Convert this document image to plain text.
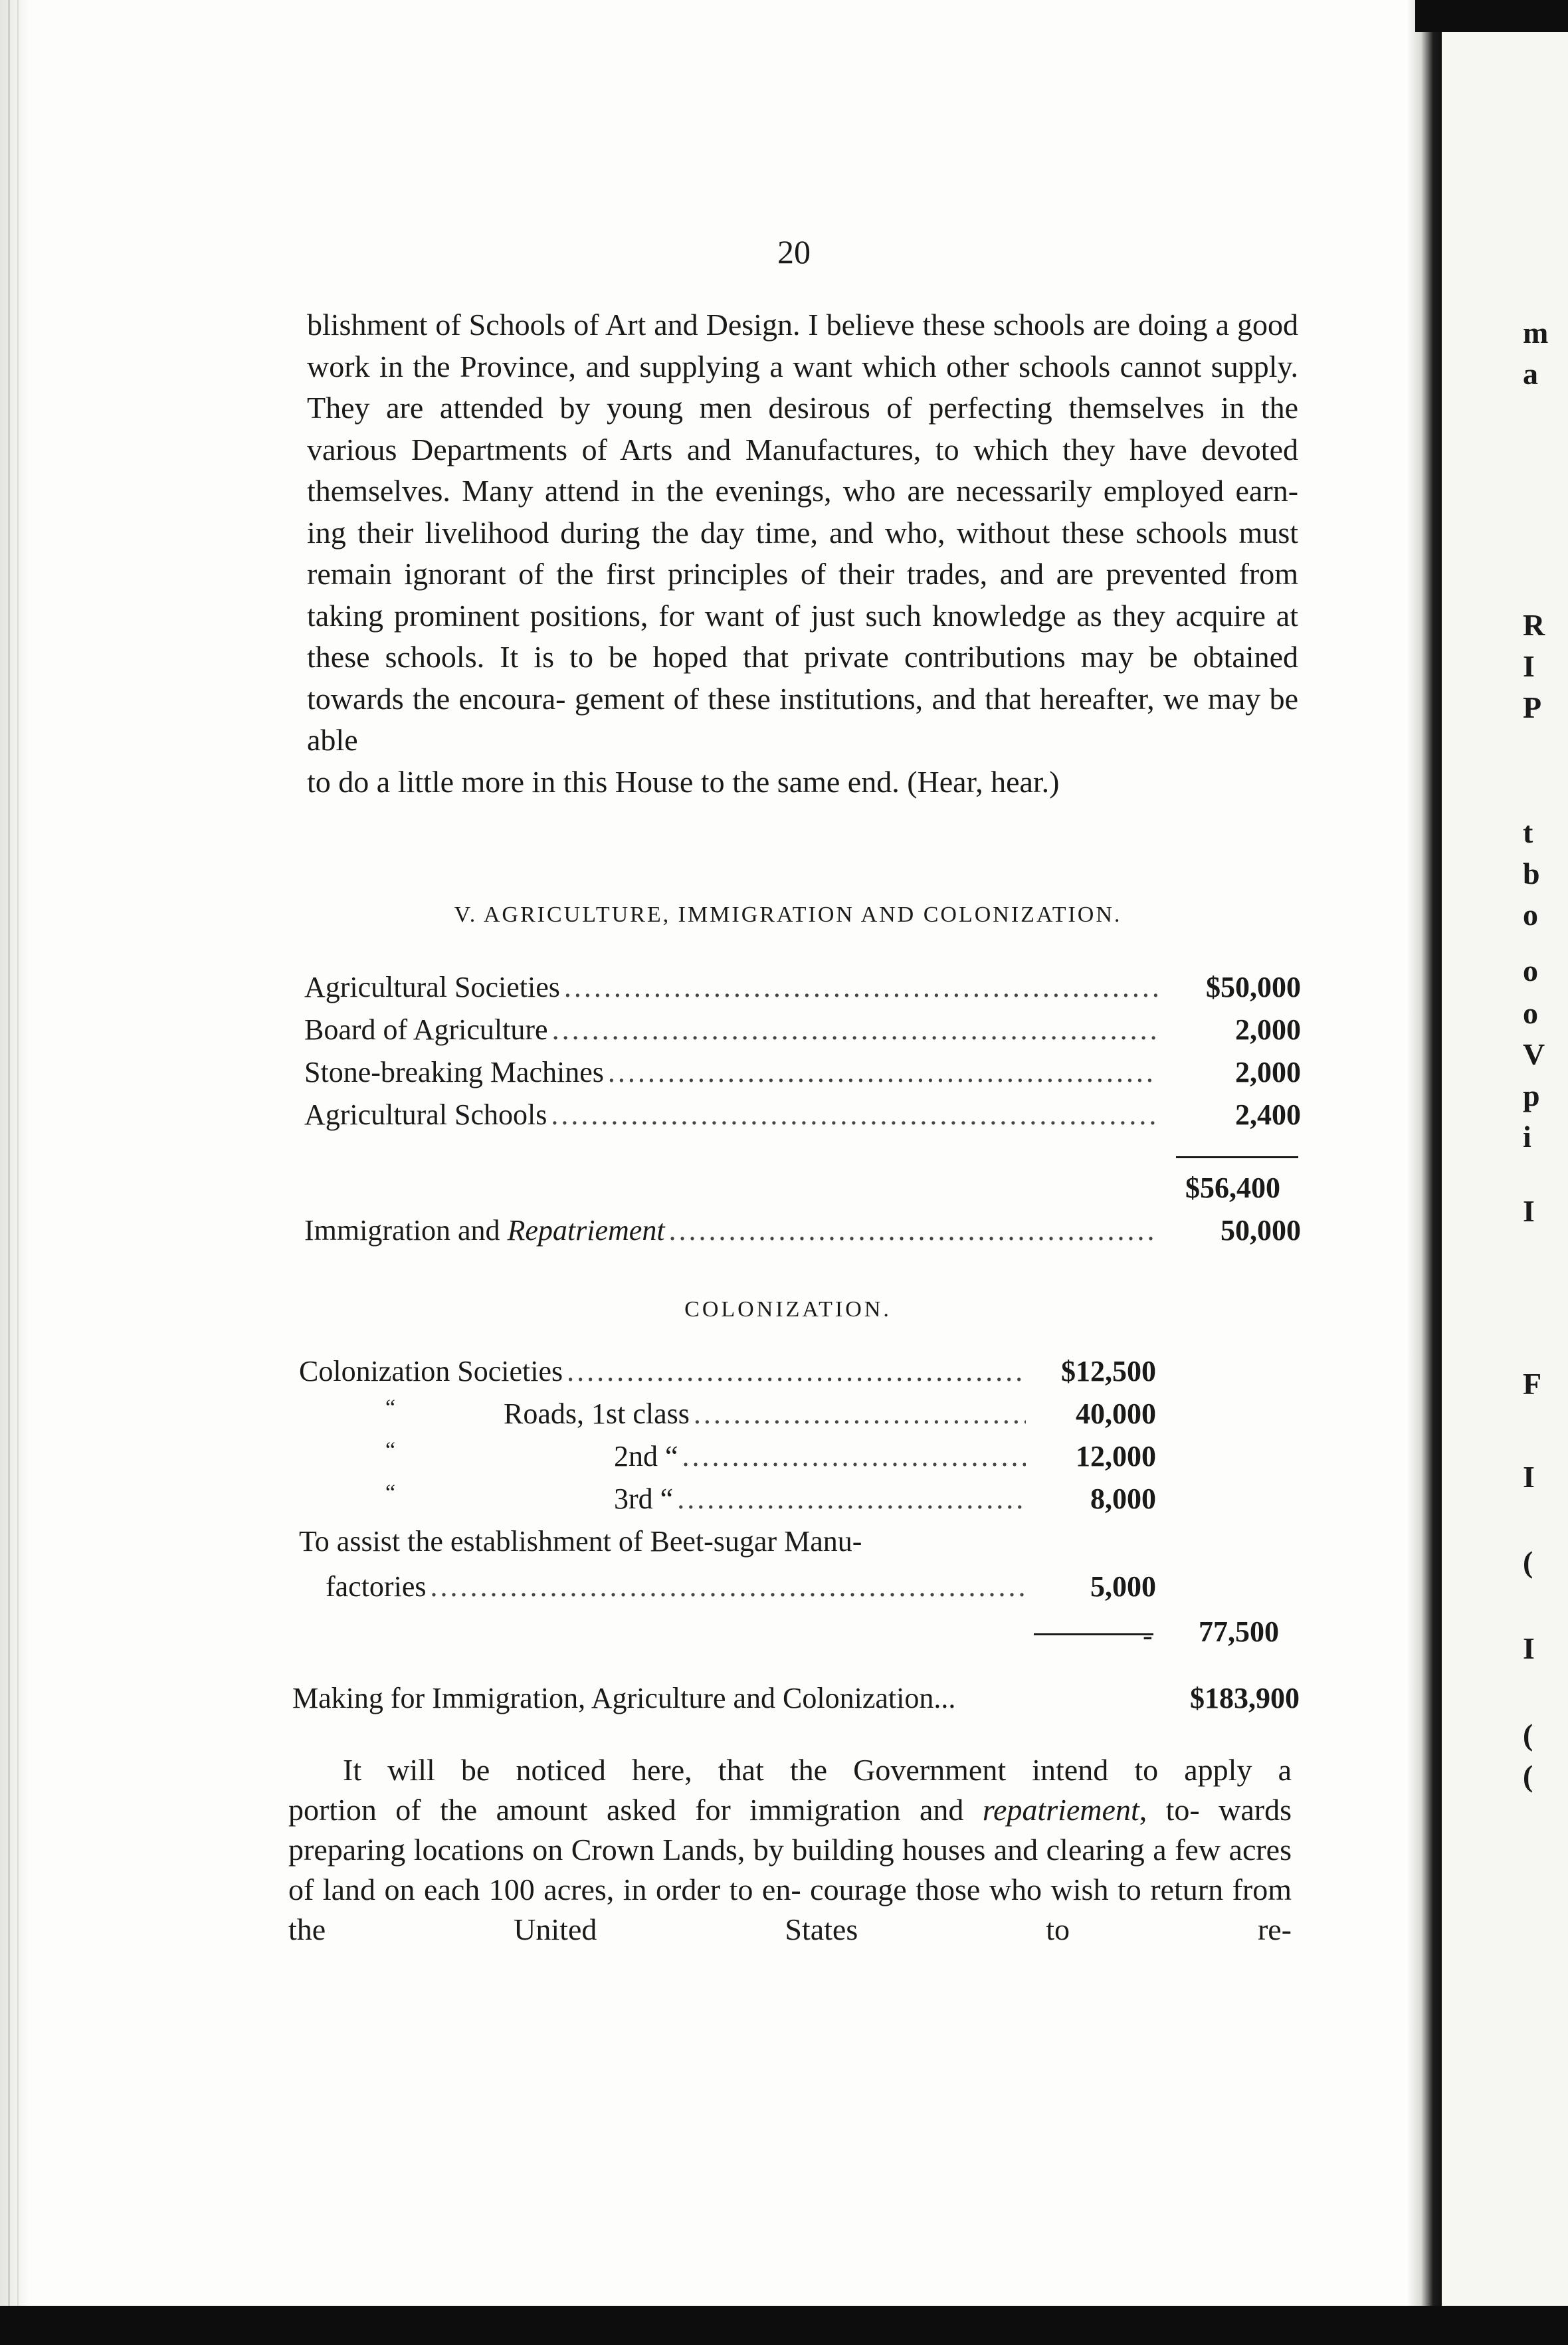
m
a
R
I
P
t
b
o
o
o
V
p
i
I
F
I
(
I
(
(
20
blishment of Schools of Art and Design. I believe these schools are doing a good work in the Province, and supplying a want which other schools cannot supply. They are attended by young men desirous of perfecting themselves in the various Departments of Arts and Manufactures, to which they have devoted themselves. Many attend in the evenings, who are necessarily employed earn- ing their livelihood during the day time, and who, without these schools must remain ignorant of the first principles of their trades, and are prevented from taking prominent positions, for want of just such knowledge as they acquire at these schools. It is to be hoped that private contributions may be obtained towards the encoura- gement of these institutions, and that hereafter, we may be able
to do a little more in this House to the same end. (Hear, hear.)
V. AGRICULTURE, IMMIGRATION AND COLONIZATION.
Agricultural Societies .....	$50,000
Board of Agriculture .....	2,000
Stone-breaking Machines .....	2,000
Agricultural Schools .....	2,400
$56,400
Immigration and Repatriement .....	50,000
COLONIZATION.
Colonization Societies .....	$12,500
“	Roads, 1st class .....	40,000
“	2nd “ .....	12,000
“	3rd “ .....	8,000
To assist the establishment of Beet-sugar Manu-
factories .....	5,000
- 77,500
Making for Immigration, Agriculture and Colonization...	$183,900
It will be noticed here, that the Government intend to apply a portion of the amount asked for immigration and repatriement, to- wards preparing locations on Crown Lands, by building houses and clearing a few acres of land on each 100 acres, in order to en- courage those who wish to return from the United States to re-
